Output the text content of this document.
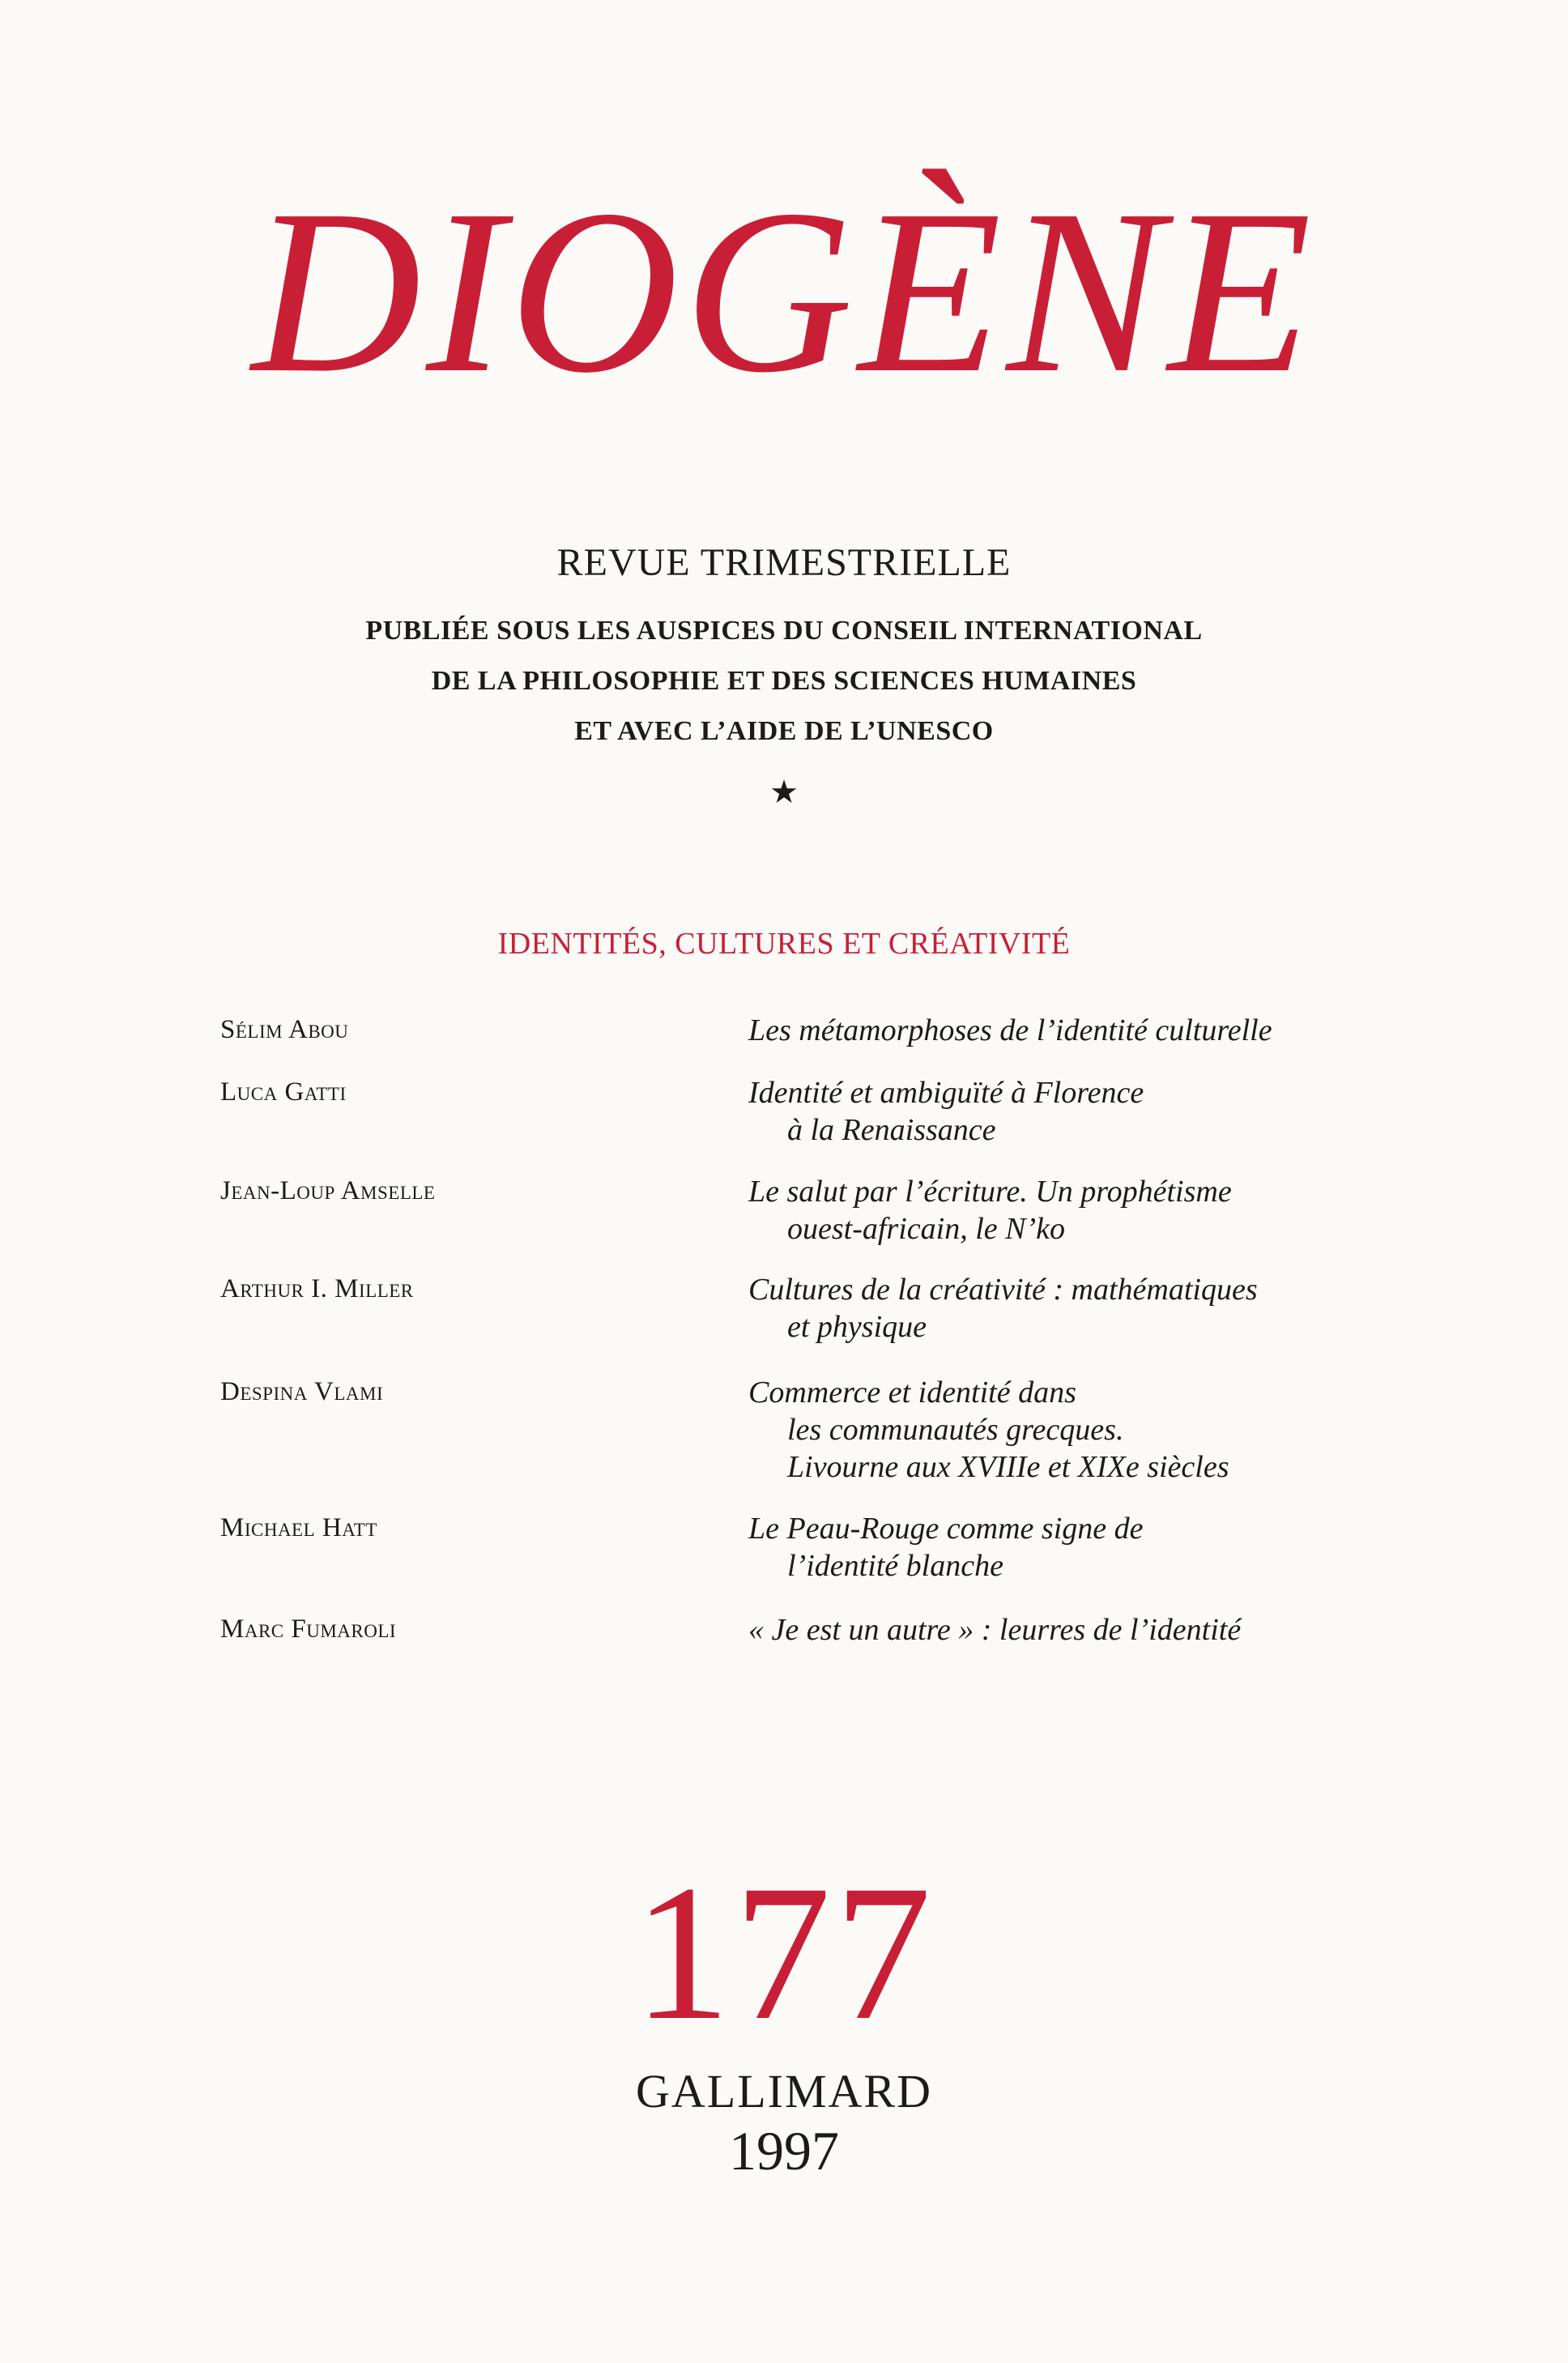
DIOGÈNE
REVUE TRIMESTRIELLE
PUBLIÉE SOUS LES AUSPICES DU CONSEIL INTERNATIONAL
DE LA PHILOSOPHIE ET DES SCIENCES HUMAINES
ET AVEC L’AIDE DE L’UNESCO
★
IDENTITÉS, CULTURES ET CRÉATIVITÉ
Sélim Abou	Les métamorphoses de l’identité culturelle
Luca Gatti	Identité et ambiguïté à Florence
à la Renaissance
Jean-Loup Amselle	Le salut par l’écriture. Un prophétisme
ouest-africain, le N’ko
Arthur I. Miller	Cultures de la créativité : mathématiques
et physique
Despina Vlami	Commerce et identité dans
les communautés grecques.
Livourne aux XVIIIe et XIXe siècles
Michael Hatt	Le Peau-Rouge comme signe de
l’identité blanche
Marc Fumaroli	« Je est un autre » : leurres de l’identité
177
GALLIMARD
1997
